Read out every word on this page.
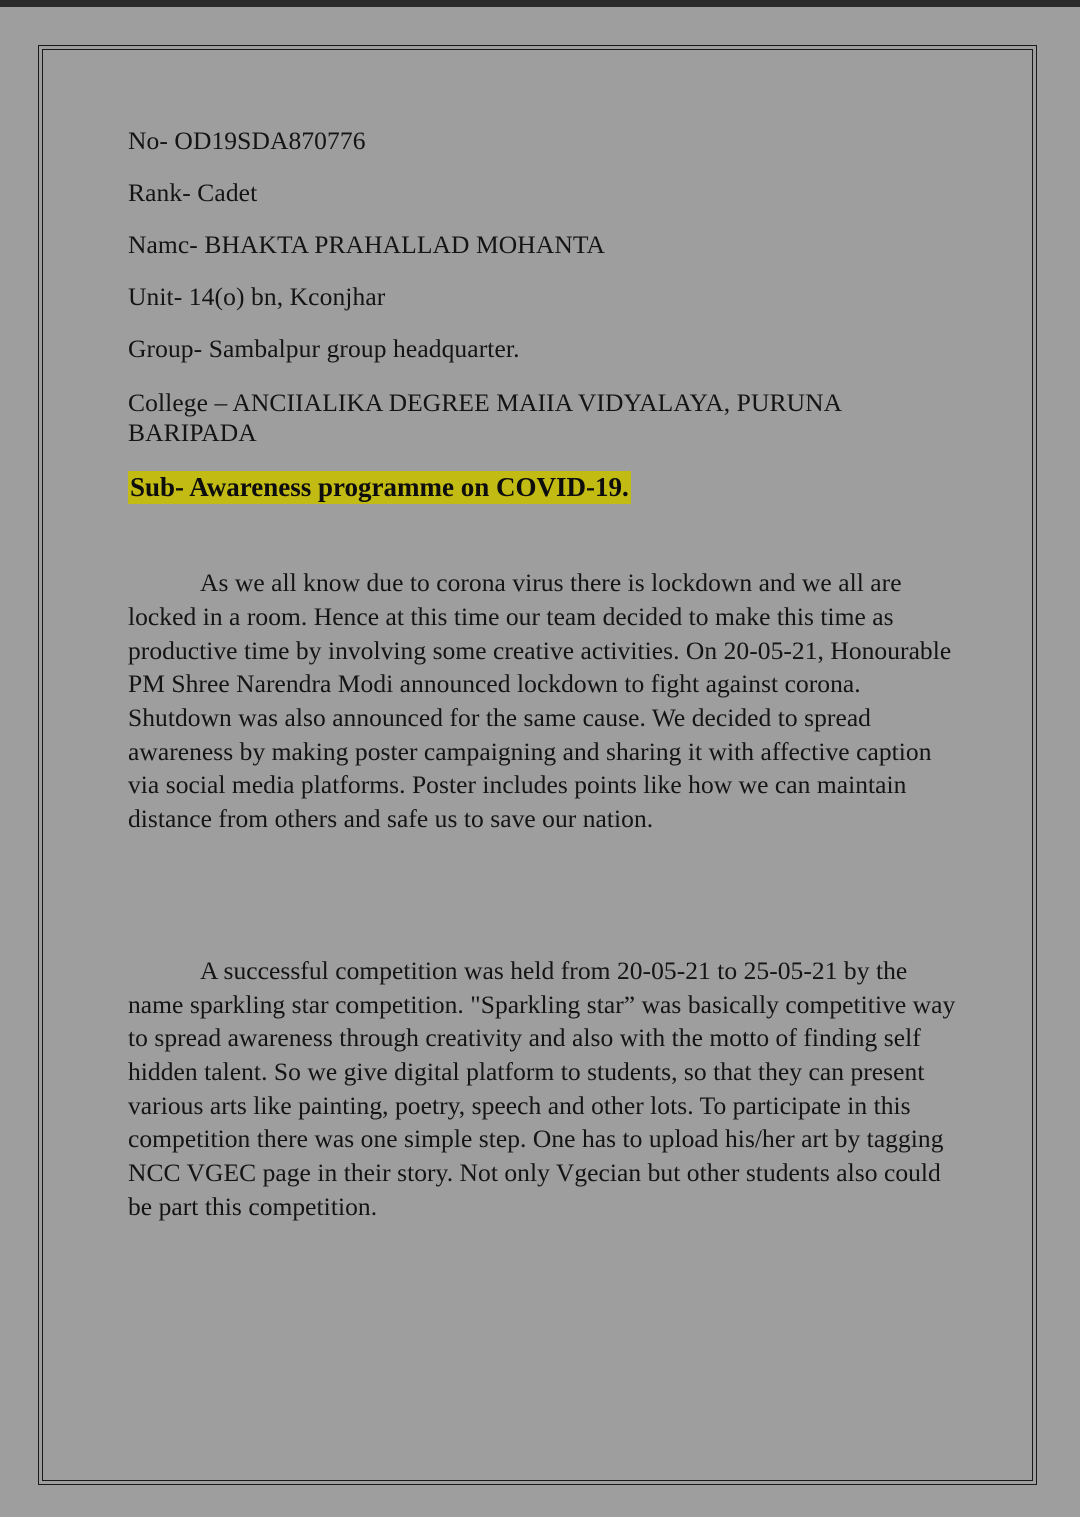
No- OD19SDA870776

Rank- Cadet

Namc- BHAKTA PRAHALLAD MOHANTA

Unit- 14(o) bn, Kconjhar

Group- Sambalpur group headquarter.

College – ANCIIALIKA DEGREE MAIIA VIDYALAYA, PURUNA BARIPADA

Sub- Awareness programme on COVID-19.

As we all know due to corona virus there is lockdown and we all are locked in a room. Hence at this time our team decided to make this time as productive time by involving some creative activities. On 20-05-21, Honourable PM Shree Narendra Modi announced lockdown to fight against corona. Shutdown was also announced for the same cause. We decided to spread awareness by making poster campaigning and sharing it with affective caption via social media platforms. Poster includes points like how we can maintain distance from others and safe us to save our nation.

A successful competition was held from 20-05-21 to 25-05-21 by the name sparkling star competition. "Sparkling star” was basically competitive way to spread awareness through creativity and also with the motto of finding self hidden talent. So we give digital platform to students, so that they can present various arts like painting, poetry, speech and other lots. To participate in this competition there was one simple step. One has to upload his/her art by tagging NCC VGEC page in their story. Not only Vgecian but other students also could be part this competition.
